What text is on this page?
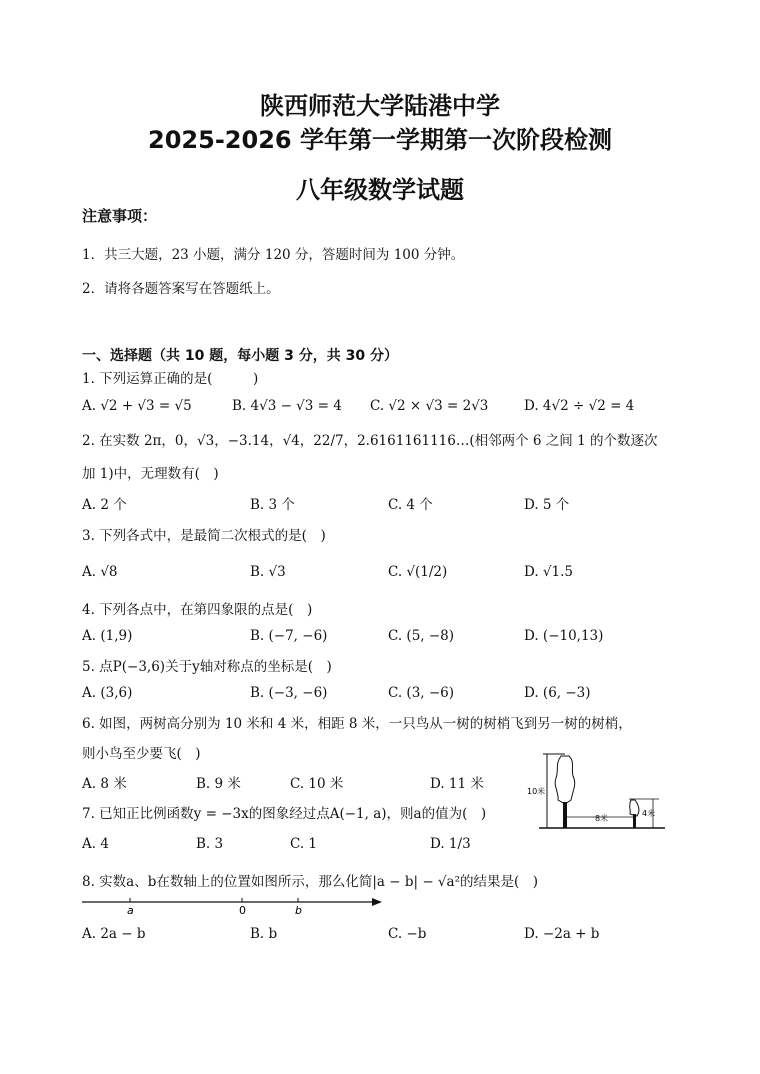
陕西师范大学陆港中学
2025-2026 学年第一学期第一次阶段检测
八年级数学试题
注意事项：
1．共三大题，23 小题，满分 120 分，答题时间为 100 分钟。
2．请将各题答案写在答题纸上。
一、选择题（共 10 题，每小题 3 分，共 30 分）
1. 下列运算正确的是(　　　)
A. √2 + √3 = √5	B. 4√3 − √3 = 4 C. √2 × √3 = 2√3	D. 4√2 ÷ √2 = 4
2. 在实数 2π，0，√3，−3.14，√4，22/7，2.6161161116…(相邻两个 6 之间 1 的个数逐次
加 1)中，无理数有(　)
A. 2 个	B. 3 个	C. 4 个	D. 5 个
3. 下列各式中，是最简二次根式的是(　)
A. √8	B. √3	C. √(1/2)	D. √1.5
4. 下列各点中，在第四象限的点是(　)
A. (1,9)	B. (−7, −6)	C. (5, −8)	D. (−10,13)
5. 点P(−3,6)关于y轴对称点的坐标是(　)
A. (3,6)	B. (−3, −6)	C. (3, −6)	D. (6, −3)
6. 如图，两树高分别为 10 米和 4 米，相距 8 米，一只鸟从一树的树梢飞到另一树的树梢，
则小鸟至少要飞(　)
A. 8 米	B. 9 米	C. 10 米	D. 11 米	10米
8米
4米
7. 已知正比例函数y = −3x的图象经过点A(−1, a)，则a的值为(　)
A. 4	B. 3	C. 1	D. 1/3
8. 实数a、b在数轴上的位置如图所示，那么化简|a − b| − √a²的结果是(　)
a	0	b
A. 2a − b	B. b	C. −b	D. −2a + b
